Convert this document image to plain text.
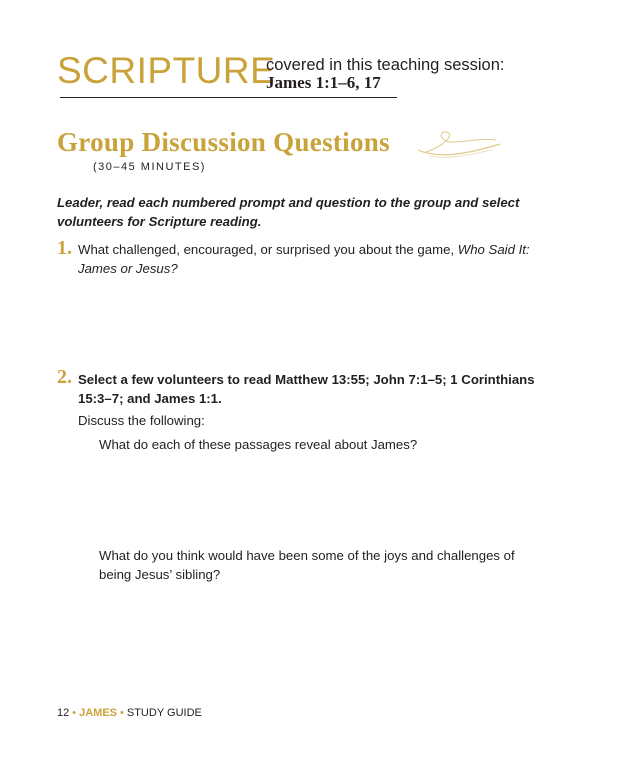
SCRIPTURE
covered in this teaching session:
James 1:1–6, 17
Group Discussion Questions
(30–45 MINUTES)
Leader, read each numbered prompt and question to the group and select volunteers for Scripture reading.
1. What challenged, encouraged, or surprised you about the game, Who Said It: James or Jesus?
2. Select a few volunteers to read Matthew 13:55; John 7:1–5; 1 Corinthians 15:3–7; and James 1:1.
Discuss the following:
What do each of these passages reveal about James?
What do you think would have been some of the joys and challenges of being Jesus’ sibling?
12 • JAMES • STUDY GUIDE
